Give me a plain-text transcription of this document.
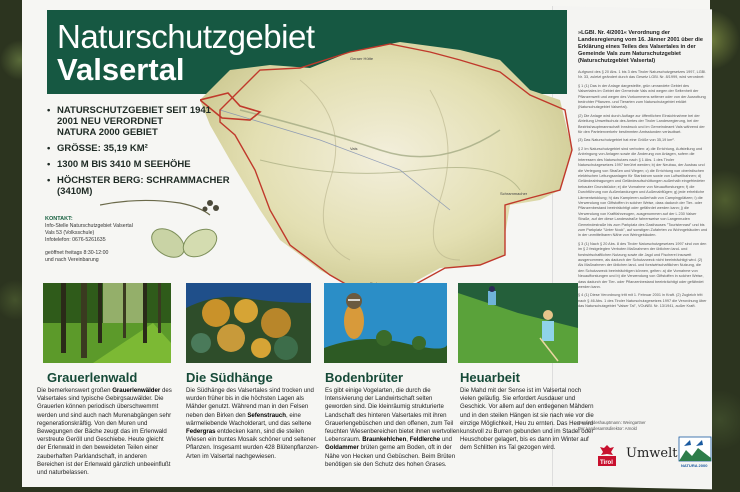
Naturschutzgebiet
Valsertal
Schrammacher
Geraer Hütte
Vals
• NATURSCHUTZGEBIET SEIT 1941
2001 NEU VERORDNET
NATURA 2000 GEBIET
• GRÖSSE: 35,19 KM²
• 1300 M BIS 3410 M SEEHÖHE
• HÖCHSTER BERG: SCHRAMMACHER (3410M)
KONTAKT:
Info-Stelle Naturschutzgebiet Valsertal
Vals 53 (Volksschule)
Infotelefon: 0676-5261635
geöffnet freitags 8:30-12:00
und nach Vereinbarung
Grauerlenwald
Die bemerkenswert großen Grauerlenwälder des Valsertales sind typische Gebirgsauwälder. Die Grauerlen können periodisch überschwemmt werden und sind auch nach Murenabgängen sehr regenerationskräftig. Von den Muren und Bewegungen der Bäche zeugt das im Erlenwald verstreute Geröll und Geschiebe. Heute gleicht der Erlenwald in den beweideten Teilen einer zauberhaften Parklandschaft, in anderen Bereichen ist der Erlenwald gänzlich unbeeinflußt und naturbelassen.
Die Südhänge
Die Südhänge des Valsertales sind trocken und wurden früher bis in die höchsten Lagen als Mähder genutzt. Während man in den Felsen neben den Birken den Sefenstrauch, eine wärmeliebende Wacholderart, und das seltene Federgras entdecken kann, sind die steilen Wiesen ein buntes Mosaik schöner und seltener Pflanzen. Insgesamt wurden 428 Blütenpflanzen-Arten im Valsertal nachgewiesen.
Bodenbrüter
Es gibt einige Vogelarten, die durch die Intensivierung der Landwirtschaft selten geworden sind. Die kleinräumig strukturierte Landschaft des hinteren Valsertales mit ihren Grauerlengebüschen und den offenen, zum Teil feuchten Wiesenbereichen bietet ihnen wertvollen Lebensraum. Braunkehlchen, Feldlerche und Goldammer brüten gerne am Boden, oft in der Nähe von Hecken und Gebüschen. Beim Brüten benötigen sie den Schutz des hohen Grases.
Heuarbeit
Die Mahd mit der Sense ist im Valsertal noch vielen geläufig. Sie erfordert Ausdauer und Geschick. Vor allem auf den entlegenen Mähdern und in den steilen Hängen ist sie nach wie vor die einzige Möglichkeit, Heu zu ernten. Das Heu wird kunstvoll zu Burren gebunden und im Stadel oder Heuschober gelagert, bis es dann im Winter auf dem Schlitten ins Tal gezogen wird.
»LGBl. Nr. 4/2001« Verordnung der Landesregierung vom 16. Jänner 2001 über die Erklärung eines Teiles des Valsertales in der Gemeinde Vals zum Naturschutzgebiet (Naturschutzgebiet Valsertal)

Aufgrund des § 20 Abs. 1 bis 3 des Tiroler Naturschutzgesetzes 1997, LGBl. Nr. 33, zuletzt geändert durch das Gesetz LGBl. Nr. 8/1999, wird verordnet:

§ 1 (1) Das in der Anlage dargestellte, grün umrandete Gebiet des Valsertales im Gebiet der Gemeinde Vals wird wegen der Seltenheit der Pflanzenwelt und wegen des Vorkommens seltener oder von der Ausrottung bedrohter Pflanzen- und Tierarten zum Naturschutzgebiet erklärt (Naturschutzgebiet Valsertal).

(2) Die Anlage wird durch Auflage zur öffentlichen Einsichtnahme bei der Abteilung Umweltschutz des Amtes der Tiroler Landesregierung, bei der Bezirkshauptmannschaft Innsbruck und im Gemeindeamt Vals während der für den Parteienverkehr bestimmten Amtsstunden verlautbart.

(3) Das Naturschutzgebiet hat eine Größe von 35,19 km².

§ 2 Im Naturschutzgebiet sind verboten: a) die Errichtung, Aufstellung und Anbringung von Anlagen sowie die Änderung von Anlagen, sofern die Interessen des Naturschutzes nach § 1 Abs. 1 des Tiroler Naturschutzgesetzes 1997 berührt werden; b) der Neubau, der Ausbau und die Verlegung von Straßen und Wegen; c) die Errichtung von oberirdischen elektrischen Leitungsanlagen für Starkstrom sowie von Luftseilbahnen; d) Geländeabtragungen und Geländeaufschüttungen außerhalb eingefriedeter bebauter Grundstücke; e) die Vornahme von Neuaufforstungen; f) die Durchführung von Außenlandungen und Außenabflügen; g) jede erhebliche Lärmentwicklung; h) das Kampieren außerhalb von Campingplätzen; i) die Verwendung von Giftstoffen in solcher Weise, dass dadurch der Tier- oder Pflanzenbestand beeinträchtigt oder gefährdet werden kann; j) die Verwendung von Kraftfahrzeugen, ausgenommen auf der L 230 Valser Straße, auf der diese Landesstraße fahrenweise von Langenruden Gemeindestraße bis zum Parkplatz des Gasthauses "Touristenrast" und bis zum Parkplatz "Unter Nock", auf sonstigen Zufahrten zu Wohngebäuden und in der unmittelbaren Nähe von Weingebäuden.

§ 3 (1) Nach § 20 Abs. 8 des Tiroler Naturschutzgesetzes 1997 sind von den im § 2 festgelegten Verboten Maßnahmen der üblichen land- und forstwirtschaftlichen Nutzung sowie die Jagd und Fischerei insoweit ausgenommen, als dadurch der Schutzzweck nicht beeinträchtigt wird. (2) Als Maßnahmen der üblichen land- und forstwirtschaftlichen Nutzung, die den Schutzzweck beeinträchtigen können, gelten: a) die Vornahme von Neuaufforstungen und b) die Verwendung von Giftstoffen in solcher Weise, dass dadurch der Tier- oder Pflanzenbestand beeinträchtigt oder gefährdet werden kann.

§ 4 (1) Diese Verordnung tritt mit 1. Februar 2001 in Kraft. (2) Zugleich tritt nach § 46 Abs. 1 des Tiroler Naturschutzgesetzes 1997 die Verordnung über das Naturschutzgebiet "Valser Tal", VOuNBl. Nr. 13/1941, außer Kraft.

Der Landeshauptmann: Weingartner
Der Landesamtsdirektor: Arnold
Tirol
Umwelt
NATURA 2000
